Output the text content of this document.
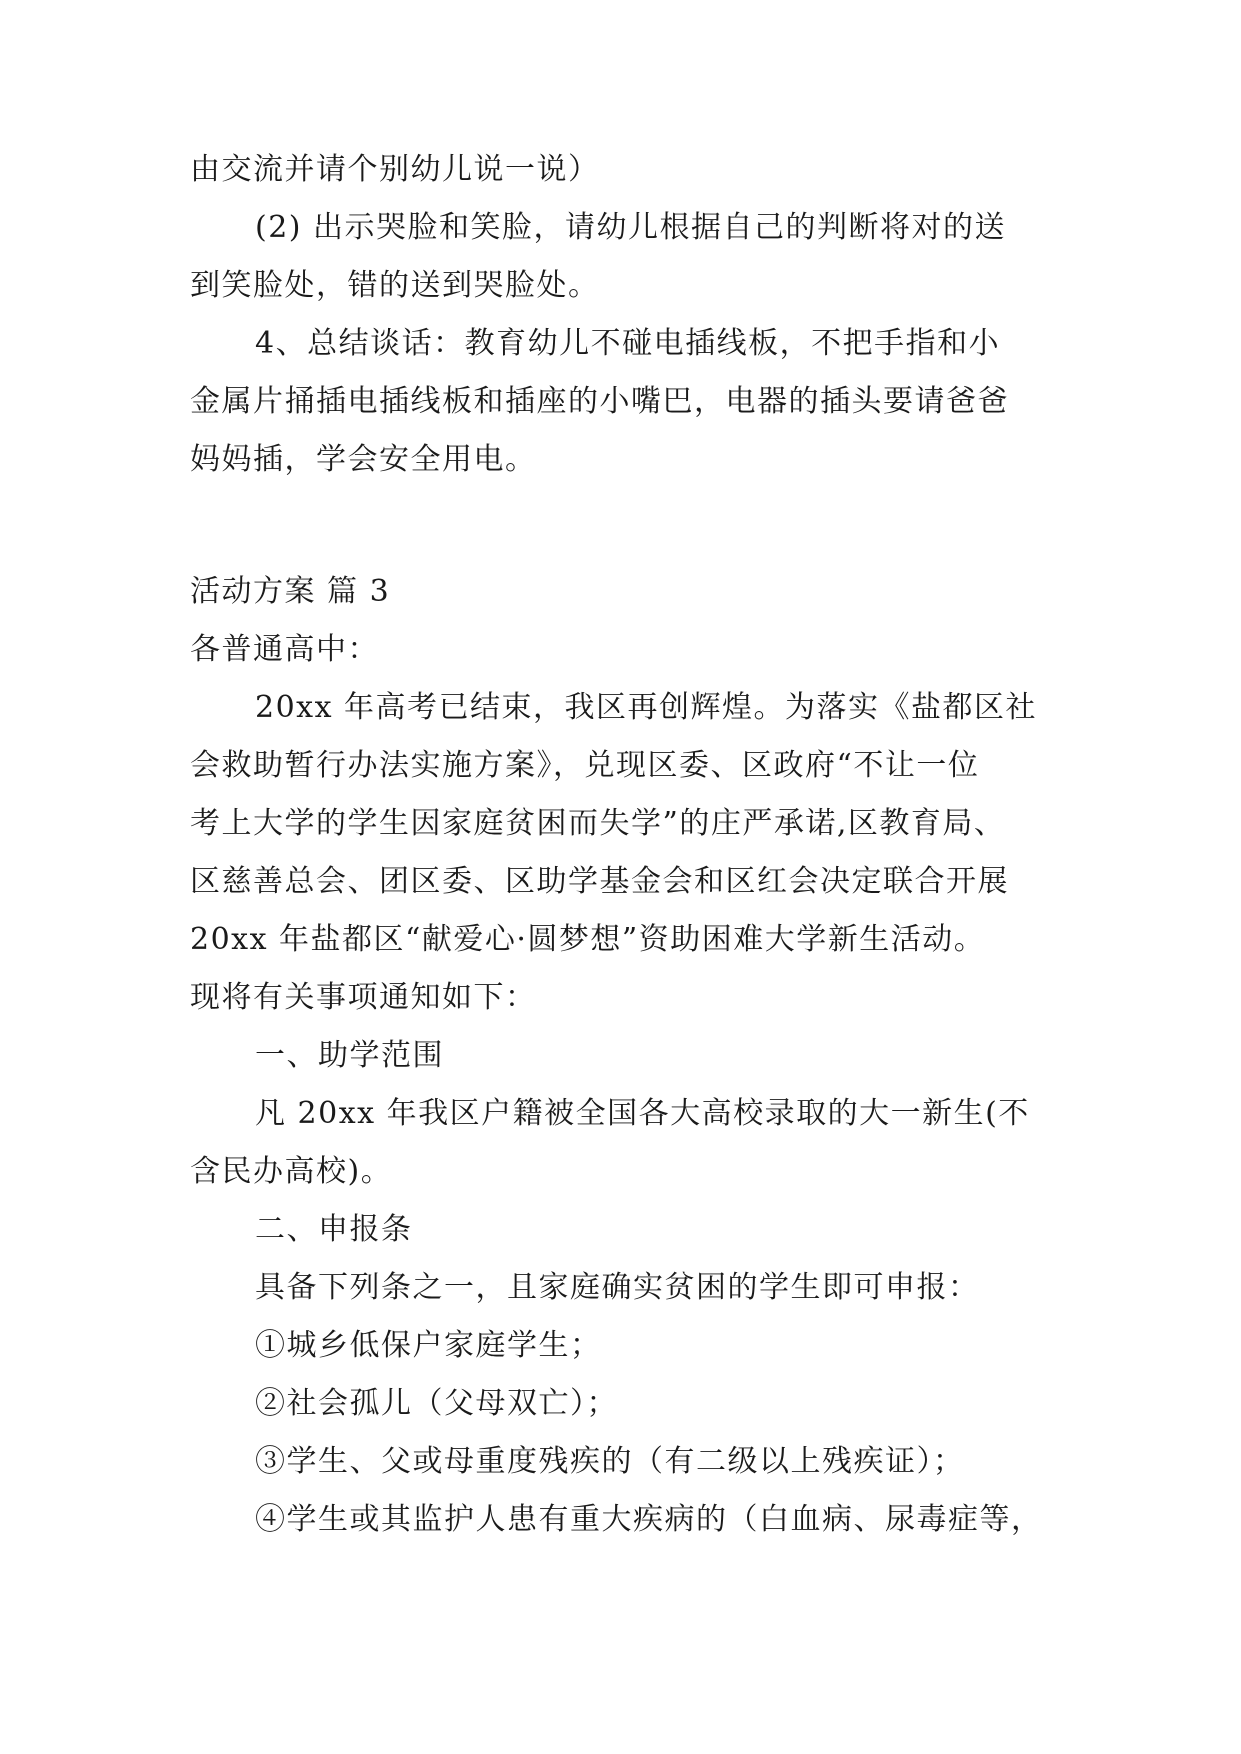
由交流并请个别幼儿说一说）
(2) 出示哭脸和笑脸，请幼儿根据自己的判断将对的送
到笑脸处，错的送到哭脸处。
4、总结谈话：教育幼儿不碰电插线板，不把手指和小
金属片捅插电插线板和插座的小嘴巴，电器的插头要请爸爸
妈妈插，学会安全用电。
活动方案 篇 3
各普通高中：
20xx 年高考已结束，我区再创辉煌。为落实《盐都区社
会救助暂行办法实施方案》，兑现区委、区政府“不让一位
考上大学的学生因家庭贫困而失学”的庄严承诺,区教育局、
区慈善总会、团区委、区助学基金会和区红会决定联合开展
20xx 年盐都区“献爱心·圆梦想”资助困难大学新生活动。
现将有关事项通知如下：
一、助学范围
凡 20xx 年我区户籍被全国各大高校录取的大一新生(不
含民办高校)。
二、申报条
具备下列条之一，且家庭确实贫困的学生即可申报：
①城乡低保户家庭学生；
②社会孤儿（父母双亡）；
③学生、父或母重度残疾的（有二级以上残疾证）；
④学生或其监护人患有重大疾病的（白血病、尿毒症等，
